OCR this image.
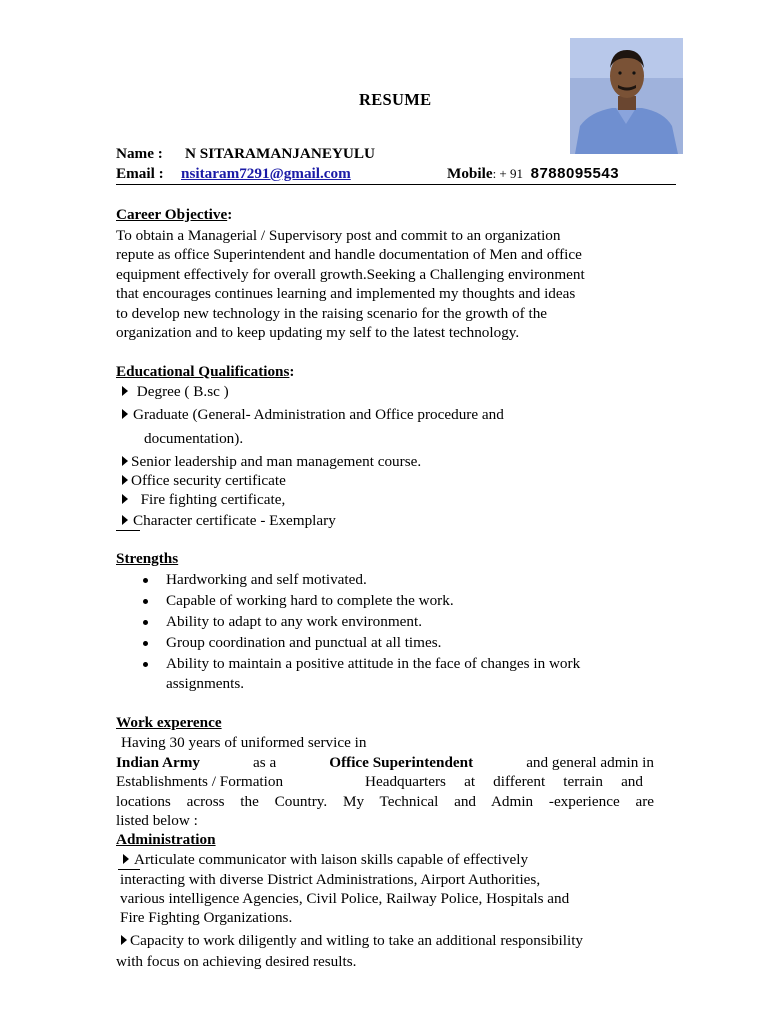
RESUME
Name : N SITARAMANJANEYULU
Email : nsitaram7291@gmail.com	Mobile: + 91 8788095543
Career Objective:
To obtain a Managerial / Supervisory post and commit to an organization
repute as office Superintendent and handle documentation of Men and office
equipment effectively for overall growth.Seeking a Challenging environment
that encourages continues learning and implemented my thoughts and ideas
to develop new technology in the raising scenario for the growth of the
organization and to keep updating my self to the latest technology.
Educational Qualifications:
Degree ( B.sc )
Graduate (General- Administration and Office procedure and
documentation).
Senior leadership and man management course.
Office security certificate
Fire fighting certificate,
Character certificate - Exemplary
Strengths
Hardworking and self motivated.
Capable of working hard to complete the work.
Ability to adapt to any work environment.
Group coordination and punctual at all times.
Ability to maintain a positive attitude in the face of changes in work
assignments.
Work experence
Having 30 years of uniformed service in
Indian Army	as a	Office Superintendent	and general admin in
Establishments / Formation	Headquarters at different terrain and
locations across the Country. My Technical and Admin -experience are
listed below :
Administration
Articulate communicator with laison skills capable of effectively
interacting with diverse District Administrations, Airport Authorities,
various intelligence Agencies, Civil Police, Railway Police, Hospitals and
Fire Fighting Organizations.
Capacity to work diligently and witling to take an additional responsibility
with focus on achieving desired results.
